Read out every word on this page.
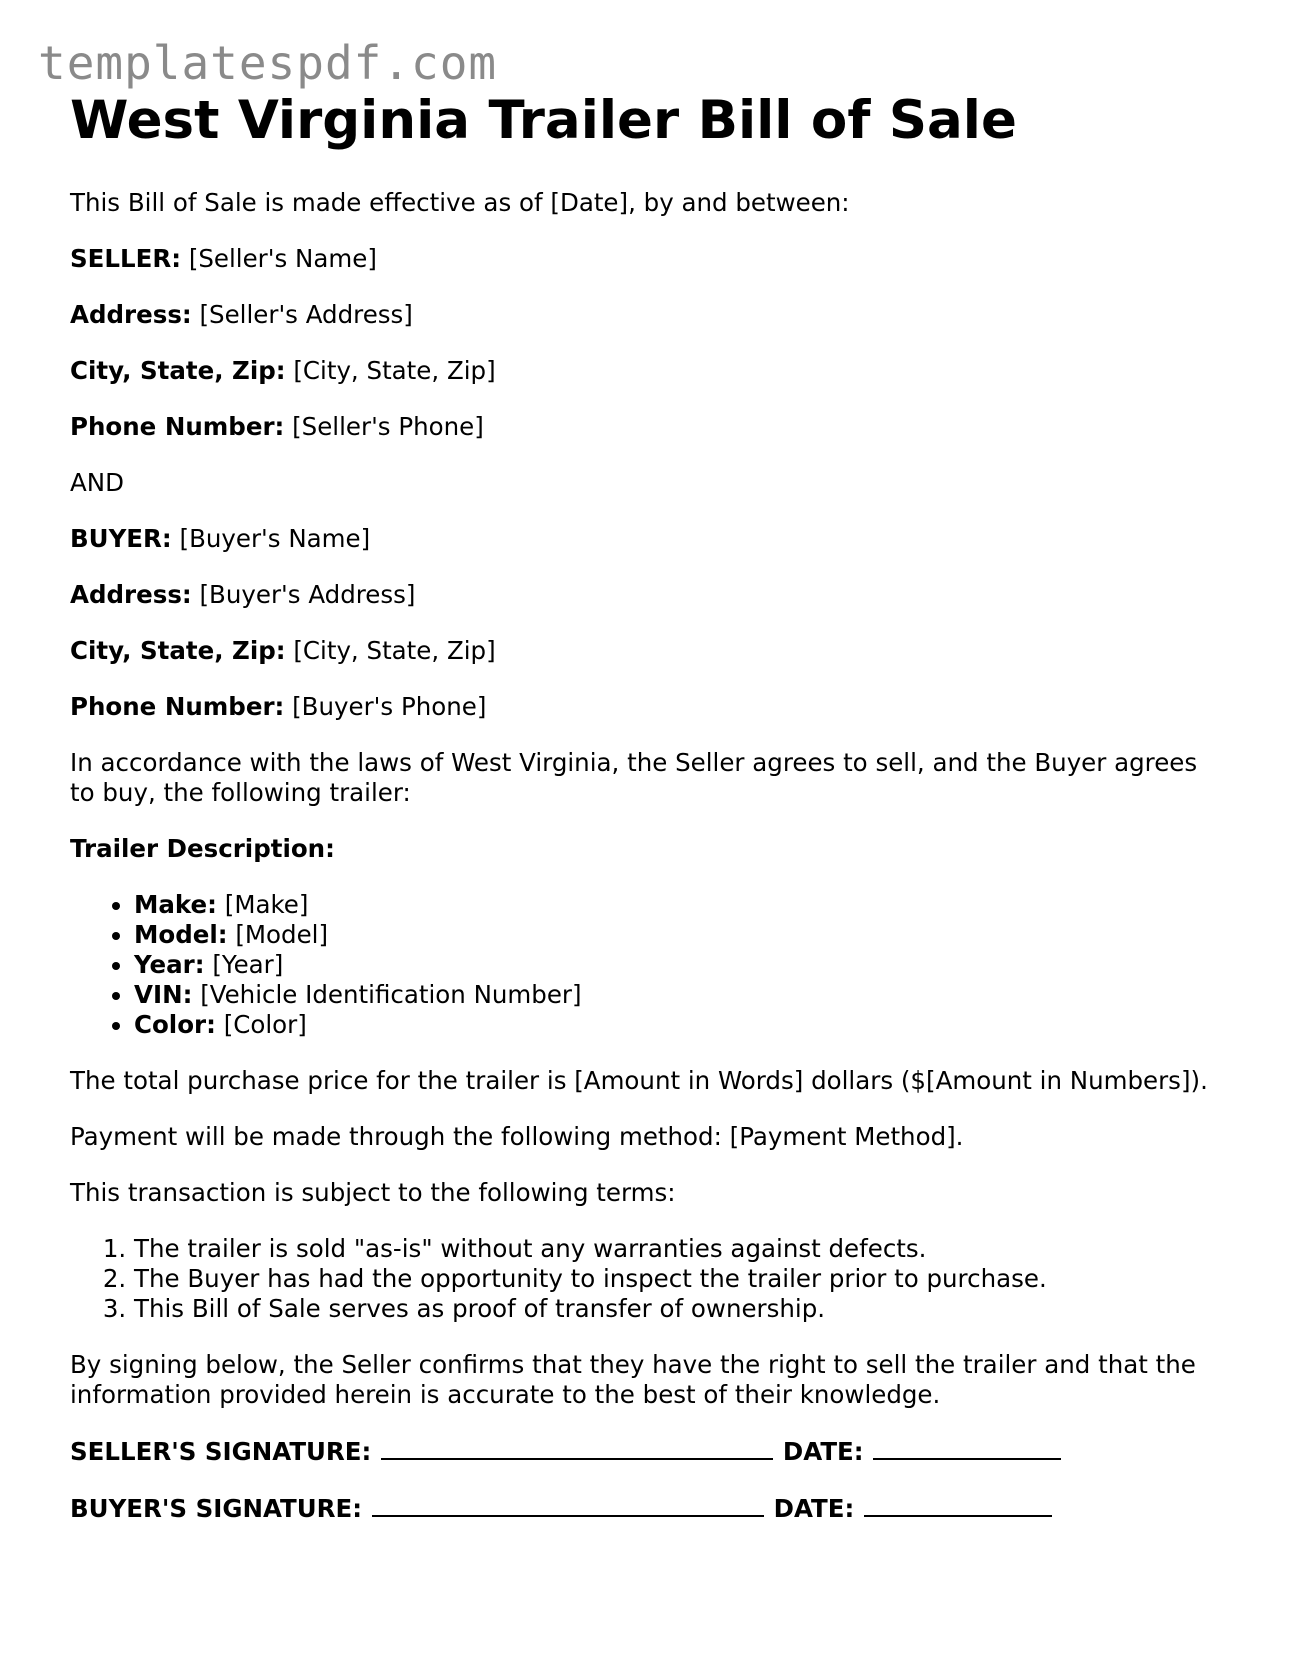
templatespdf.com
West Virginia Trailer Bill of Sale

This Bill of Sale is made effective as of [Date], by and between:

SELLER: [Seller's Name]

Address: [Seller's Address]

City, State, Zip: [City, State, Zip]

Phone Number: [Seller's Phone]

AND

BUYER: [Buyer's Name]

Address: [Buyer's Address]

City, State, Zip: [City, State, Zip]

Phone Number: [Buyer's Phone]

In accordance with the laws of West Virginia, the Seller agrees to sell, and the Buyer agrees to buy, the following trailer:

Trailer Description:

• Make: [Make]
• Model: [Model]
• Year: [Year]
• VIN: [Vehicle Identification Number]
• Color: [Color]

The total purchase price for the trailer is [Amount in Words] dollars ($[Amount in Numbers]).

Payment will be made through the following method: [Payment Method].

This transaction is subject to the following terms:

1. The trailer is sold "as-is" without any warranties against defects.
2. The Buyer has had the opportunity to inspect the trailer prior to purchase.
3. This Bill of Sale serves as proof of transfer of ownership.

By signing below, the Seller confirms that they have the right to sell the trailer and that the information provided herein is accurate to the best of their knowledge.

SELLER'S SIGNATURE:	DATE:

BUYER'S SIGNATURE:	DATE:
